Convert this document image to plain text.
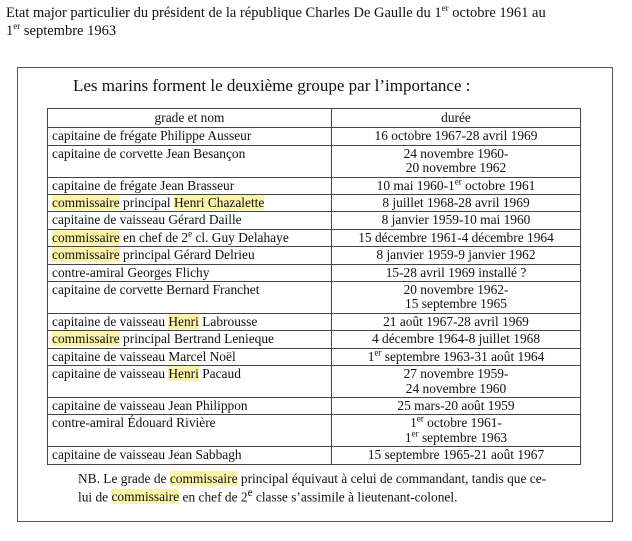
Etat major particulier du président de la république Charles De Gaulle du 1er octobre 1961 au
1er septembre 1963
Les marins forment le deuxième groupe par l’importance :
grade et nom	durée
capitaine de frégate Philippe Ausseur	16 octobre 1967-28 avril 1969
capitaine de corvette Jean Besançon	24 novembre 1960-
20 novembre 1962
capitaine de frégate Jean Brasseur	10 mai 1960-1er octobre 1961
commissaire principal Henri Chazalette	8 juillet 1968-28 avril 1969
capitaine de vaisseau Gérard Daille	8 janvier 1959-10 mai 1960
commissaire en chef de 2e cl. Guy Delahaye	15 décembre 1961-4 décembre 1964
commissaire principal Gérard Delrieu	8 janvier 1959-9 janvier 1962
contre-amiral Georges Flichy	15-28 avril 1969 installé ?
capitaine de corvette Bernard Franchet	20 novembre 1962-
15 septembre 1965
capitaine de vaisseau Henri Labrousse	21 août 1967-28 avril 1969
commissaire principal Bertrand Lenieque	4 décembre 1964-8 juillet 1968
capitaine de vaisseau Marcel Noël	1er septembre 1963-31 août 1964
capitaine de vaisseau Henri Pacaud	27 novembre 1959-
24 novembre 1960
capitaine de vaisseau Jean Philippon	25 mars-20 août 1959
contre-amiral Édouard Rivière	1er octobre 1961-
1er septembre 1963
capitaine de vaisseau Jean Sabbagh	15 septembre 1965-21 août 1967
NB. Le grade de commissaire principal équivaut à celui de commandant, tandis que ce-
lui de commissaire en chef de 2e classe s’assimile à lieutenant-colonel.
